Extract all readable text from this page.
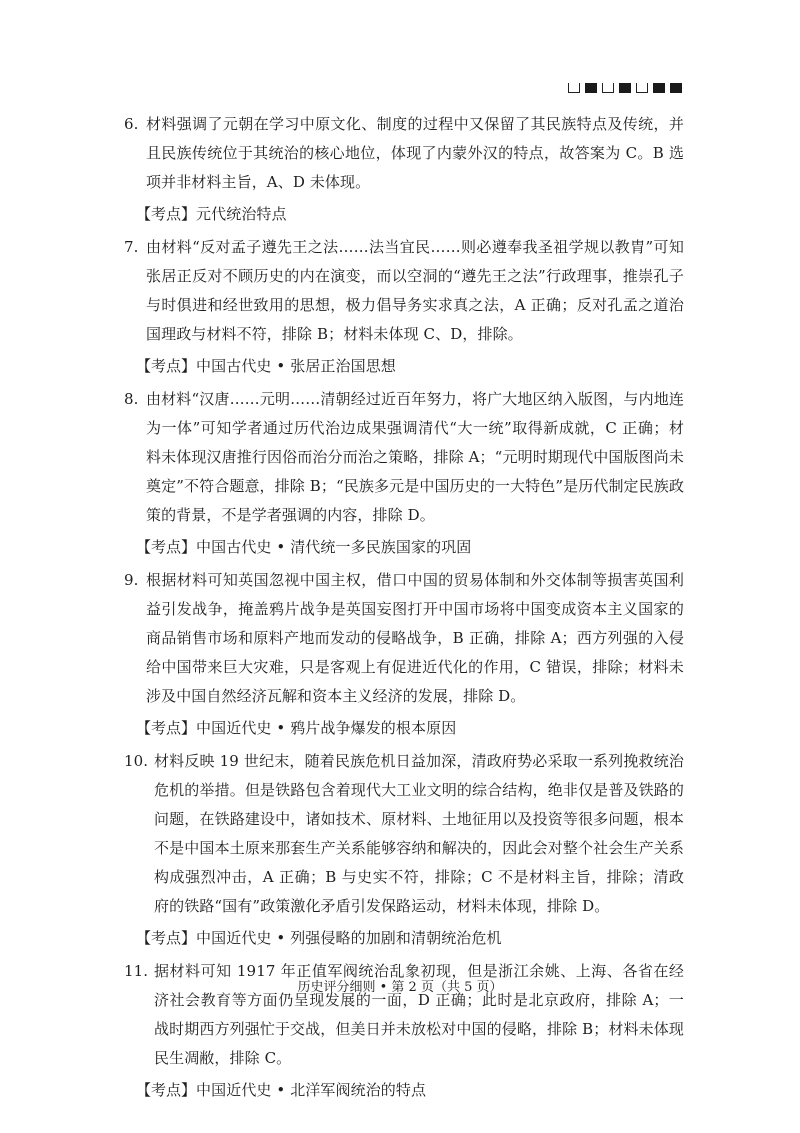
6. 材料强调了元朝在学习中原文化、制度的过程中又保留了其民族特点及传统，并且民族传统位于其统治的核心地位，体现了内蒙外汉的特点，故答案为 C。B 选项并非材料主旨，A、D 未体现。

【考点】元代统治特点

7. 由材料“反对孟子遵先王之法……法当宜民……则必遵奉我圣祖学规以教胄”可知张居正反对不顾历史的内在演变，而以空洞的“遵先王之法”行政理事，推崇孔子与时俱进和经世致用的思想，极力倡导务实求真之法，A 正确；反对孔孟之道治国理政与材料不符，排除 B；材料未体现 C、D，排除。

【考点】中国古代史 • 张居正治国思想

8. 由材料“汉唐……元明……清朝经过近百年努力，将广大地区纳入版图，与内地连为一体”可知学者通过历代治边成果强调清代“大一统”取得新成就，C 正确；材料未体现汉唐推行因俗而治分而治之策略，排除 A；“元明时期现代中国版图尚未奠定”不符合题意，排除 B；“民族多元是中国历史的一大特色”是历代制定民族政策的背景，不是学者强调的内容，排除 D。

【考点】中国古代史 • 清代统一多民族国家的巩固

9. 根据材料可知英国忽视中国主权，借口中国的贸易体制和外交体制等损害英国利益引发战争，掩盖鸦片战争是英国妄图打开中国市场将中国变成资本主义国家的商品销售市场和原料产地而发动的侵略战争，B 正确，排除 A；西方列强的入侵给中国带来巨大灾难，只是客观上有促进近代化的作用，C 错误，排除；材料未涉及中国自然经济瓦解和资本主义经济的发展，排除 D。

【考点】中国近代史 • 鸦片战争爆发的根本原因

10. 材料反映 19 世纪末，随着民族危机日益加深，清政府势必采取一系列挽救统治危机的举措。但是铁路包含着现代大工业文明的综合结构，绝非仅是普及铁路的问题，在铁路建设中，诸如技术、原材料、土地征用以及投资等很多问题，根本不是中国本土原来那套生产关系能够容纳和解决的，因此会对整个社会生产关系构成强烈冲击，A 正确；B 与史实不符，排除；C 不是材料主旨，排除；清政府的铁路“国有”政策激化矛盾引发保路运动，材料未体现，排除 D。

【考点】中国近代史 • 列强侵略的加剧和清朝统治危机

11. 据材料可知 1917 年正值军阀统治乱象初现，但是浙江余姚、上海、各省在经济社会教育等方面仍呈现发展的一面，D 正确；此时是北京政府，排除 A；一战时期西方列强忙于交战，但美日并未放松对中国的侵略，排除 B；材料未体现民生凋敝，排除 C。

【考点】中国近代史 • 北洋军阀统治的特点

历史评分细则 • 第 2 页（共 5 页）
